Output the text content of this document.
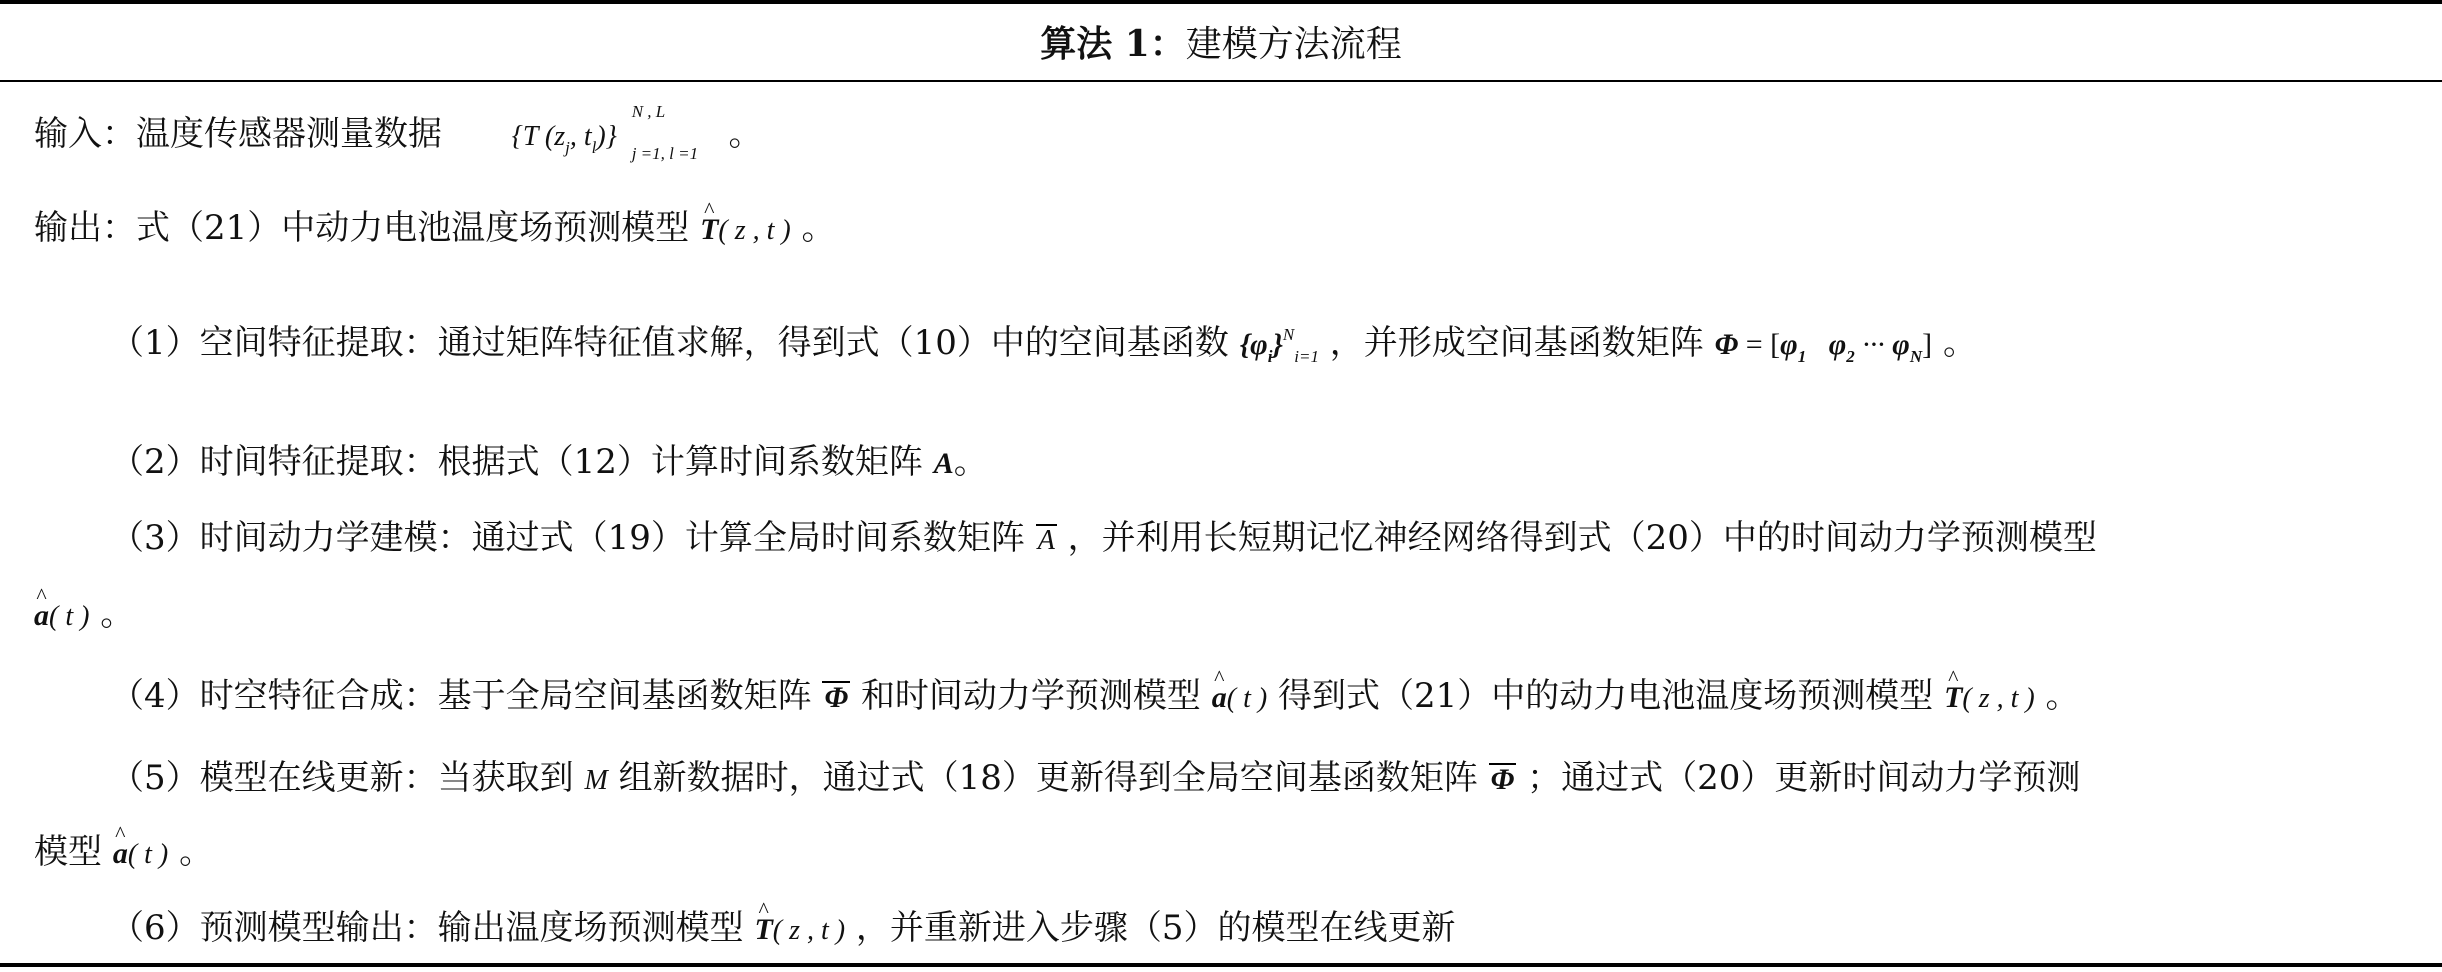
算法 1：建模方法流程
输入：温度传感器测量数据 {T ($z_j$, $t_l$)}
N , L
j =1, l =1 。
输出：式（21）中动力电池温度场预测模型 ^ T( z , t ) 。
（1）空间特征提取：通过矩阵特征值求解，得到式（10）中的空间基函数 $\{\varphi_i\}^N_{i=1}$ ，并形成空间基函数矩阵 $\Phi = [\varphi_1$ $\varphi_2$ ··· $\varphi_N$] 。
（2）时间特征提取：根据式（12）计算时间系数矩阵 A。
（3）时间动力学建模：通过式（19）计算全局时间系数矩阵 A ，并利用长短期记忆神经网络得到式（20）中的时间动力学预测模型
^ a( t ) 。
（4）时空特征合成：基于全局空间基函数矩阵 Φ 和时间动力学预测模型 ^ a( t ) 得到式（21）中的动力电池温度场预测模型 ^ T( z , t ) 。
（5）模型在线更新：当获取到 M 组新数据时，通过式（18）更新得到全局空间基函数矩阵 Φ ；通过式（20）更新时间动力学预测
模型 ^ a( t ) 。
（6）预测模型输出：输出温度场预测模型 ^ T( z , t ) ，并重新进入步骤（5）的模型在线更新
